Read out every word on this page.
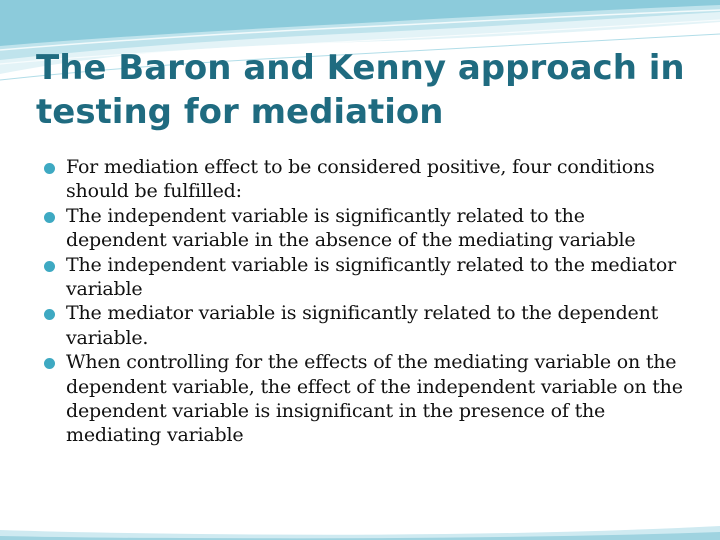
The Baron and Kenny approach in
testing for mediation
For mediation effect to be considered positive, four conditions should be fulfilled:
The independent variable is significantly related to the dependent variable in the absence of the mediating variable
The independent variable is significantly related to the mediator variable
The mediator variable is significantly related to the dependent variable.
When controlling for the effects of the mediating variable on the dependent variable, the effect of the independent variable on the dependent variable is insignificant in the presence of the mediating variable
